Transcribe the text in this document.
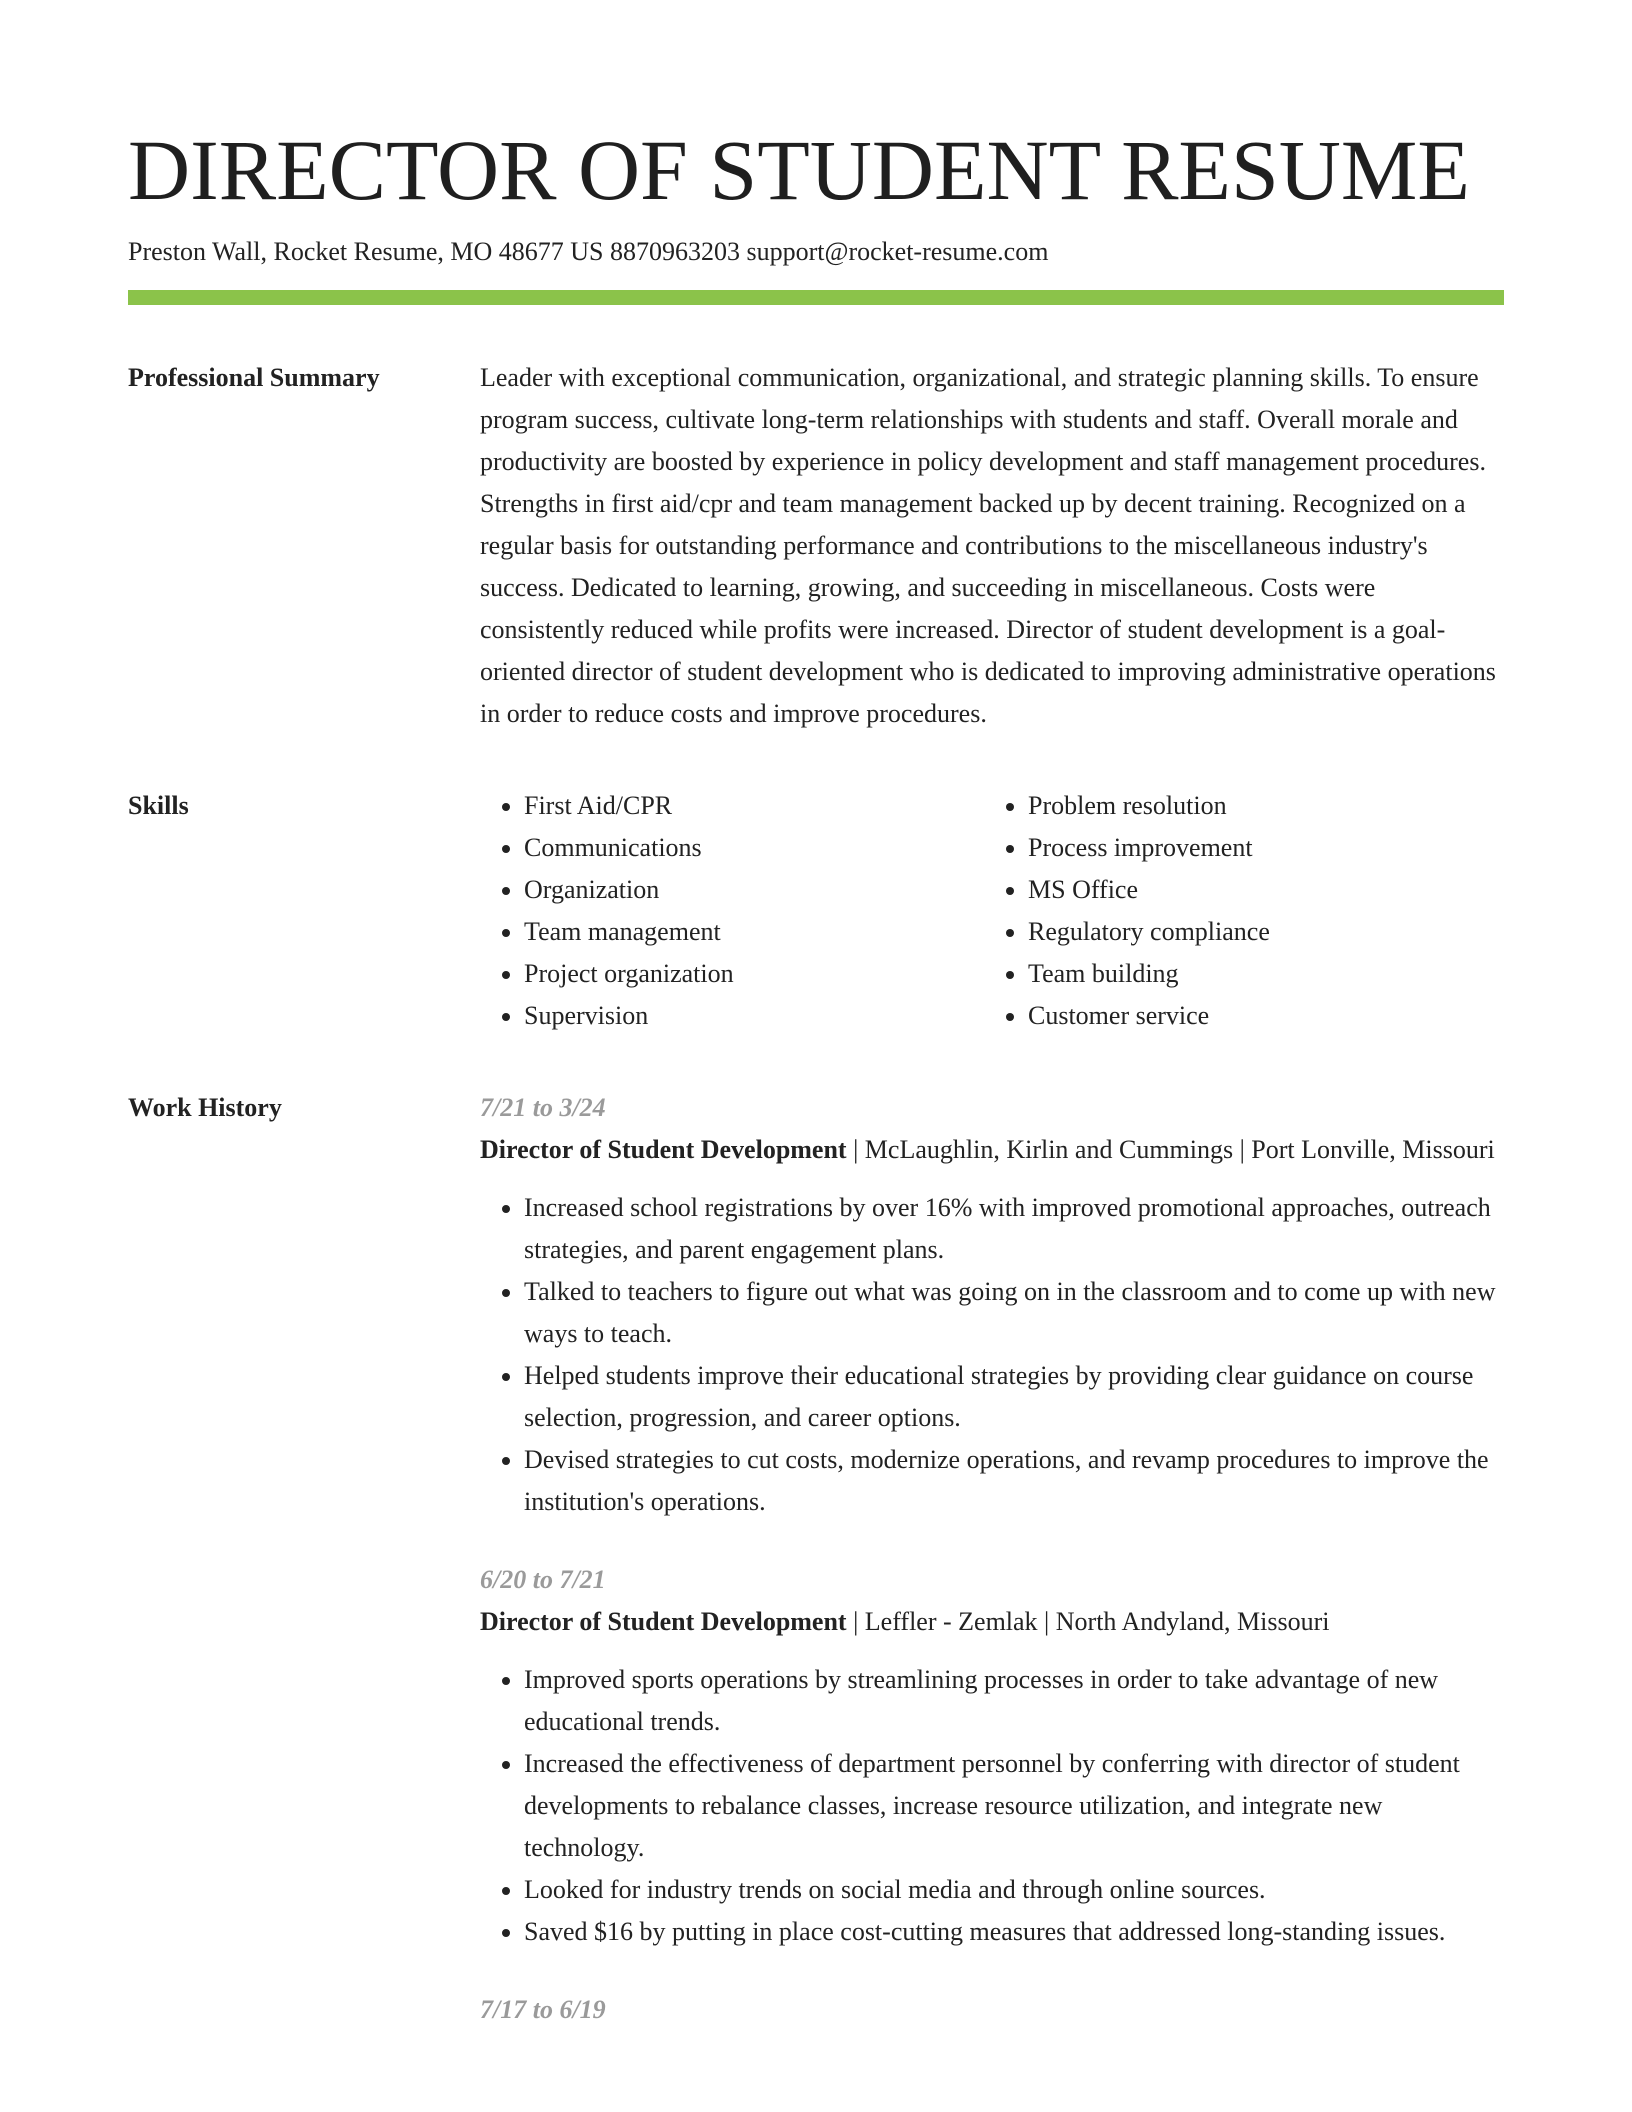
DIRECTOR OF STUDENT RESUME
Preston Wall, Rocket Resume, MO 48677 US 8870963203 support@rocket-resume.com
Professional Summary	Leader with exceptional communication, organizational, and strategic planning skills. To ensure program success, cultivate long-term relationships with students and staff. Overall morale and productivity are boosted by experience in policy development and staff management procedures. Strengths in first aid/cpr and team management backed up by decent training. Recognized on a regular basis for outstanding performance and contributions to the miscellaneous industry's success. Dedicated to learning, growing, and succeeding in miscellaneous. Costs were consistently reduced while profits were increased. Director of student development is a goal-oriented director of student development who is dedicated to improving administrative operations in order to reduce costs and improve procedures.

Skills
•	First Aid/CPR
• Communications
• Organization
• Team management
• Project organization
• Supervision
• Problem resolution
• Process improvement
• MS Office
• Regulatory compliance
• Team building
• Customer service
Work History	7/21 to 3/24
Director of Student Development | McLaughlin, Kirlin and Cummings | Port Lonville, Missouri
• Increased school registrations by over 16% with improved promotional approaches, outreach strategies, and parent engagement plans.
• Talked to teachers to figure out what was going on in the classroom and to come up with new ways to teach.
• Helped students improve their educational strategies by providing clear guidance on course selection, progression, and career options.
• Devised strategies to cut costs, modernize operations, and revamp procedures to improve the institution's operations.
6/20 to 7/21
Director of Student Development | Leffler - Zemlak | North Andyland, Missouri
• Improved sports operations by streamlining processes in order to take advantage of new educational trends.
• Increased the effectiveness of department personnel by conferring with director of student developments to rebalance classes, increase resource utilization, and integrate new technology.
• Looked for industry trends on social media and through online sources.
• Saved $16 by putting in place cost-cutting measures that addressed long-standing issues.
7/17 to 6/19
